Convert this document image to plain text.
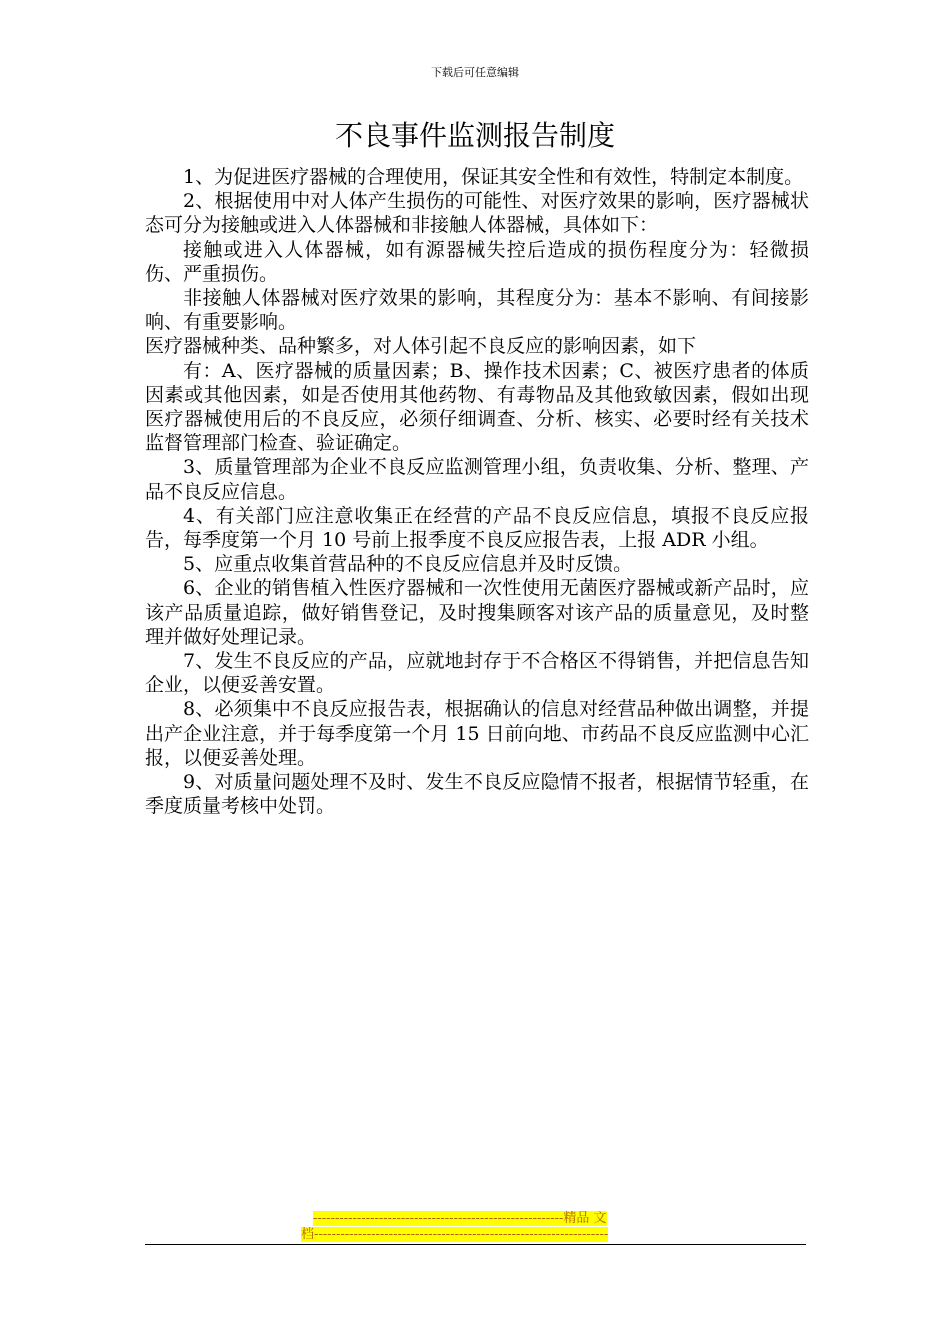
下载后可任意编辑
不良事件监测报告制度

1、为促进医疗器械的合理使用，保证其安全性和有效性，特制定本制度。

2、根据使用中对人体产生损伤的可能性、对医疗效果的影响，医疗器械状态可分为接触或进入人体器械和非接触人体器械，具体如下：

接触或进入人体器械，如有源器械失控后造成的损伤程度分为：轻微损伤、严重损伤。

非接触人体器械对医疗效果的影响，其程度分为：基本不影响、有间接影响、有重要影响。

医疗器械种类、品种繁多，对人体引起不良反应的影响因素，如下

有：A、医疗器械的质量因素；B、操作技术因素；C、被医疗患者的体质因素或其他因素，如是否使用其他药物、有毒物品及其他致敏因素，假如出现医疗器械使用后的不良反应，必须仔细调查、分析、核实、必要时经有关技术监督管理部门检查、验证确定。

3、质量管理部为企业不良反应监测管理小组，负责收集、分析、整理、产品不良反应信息。

4、有关部门应注意收集正在经营的产品不良反应信息，填报不良反应报告，每季度第一个月 10 号前上报季度不良反应报告表，上报 ADR 小组。

5、应重点收集首营品种的不良反应信息并及时反馈。

6、企业的销售植入性医疗器械和一次性使用无菌医疗器械或新产品时，应该产品质量追踪，做好销售登记，及时搜集顾客对该产品的质量意见，及时整理并做好处理记录。

7、发生不良反应的产品，应就地封存于不合格区不得销售，并把信息告知企业，以便妥善安置。

8、必须集中不良反应报告表，根据确认的信息对经营品种做出调整，并提出产企业注意，并于每季度第一个月 15 日前向地、市药品不良反应监测中心汇报，以便妥善处理。

9、对质量问题处理不及时、发生不良反应隐情不报者，根据情节轻重，在季度质量考核中处罚。

---------------------------------------------------------精品 文
档-------------------------------------------------------------------
